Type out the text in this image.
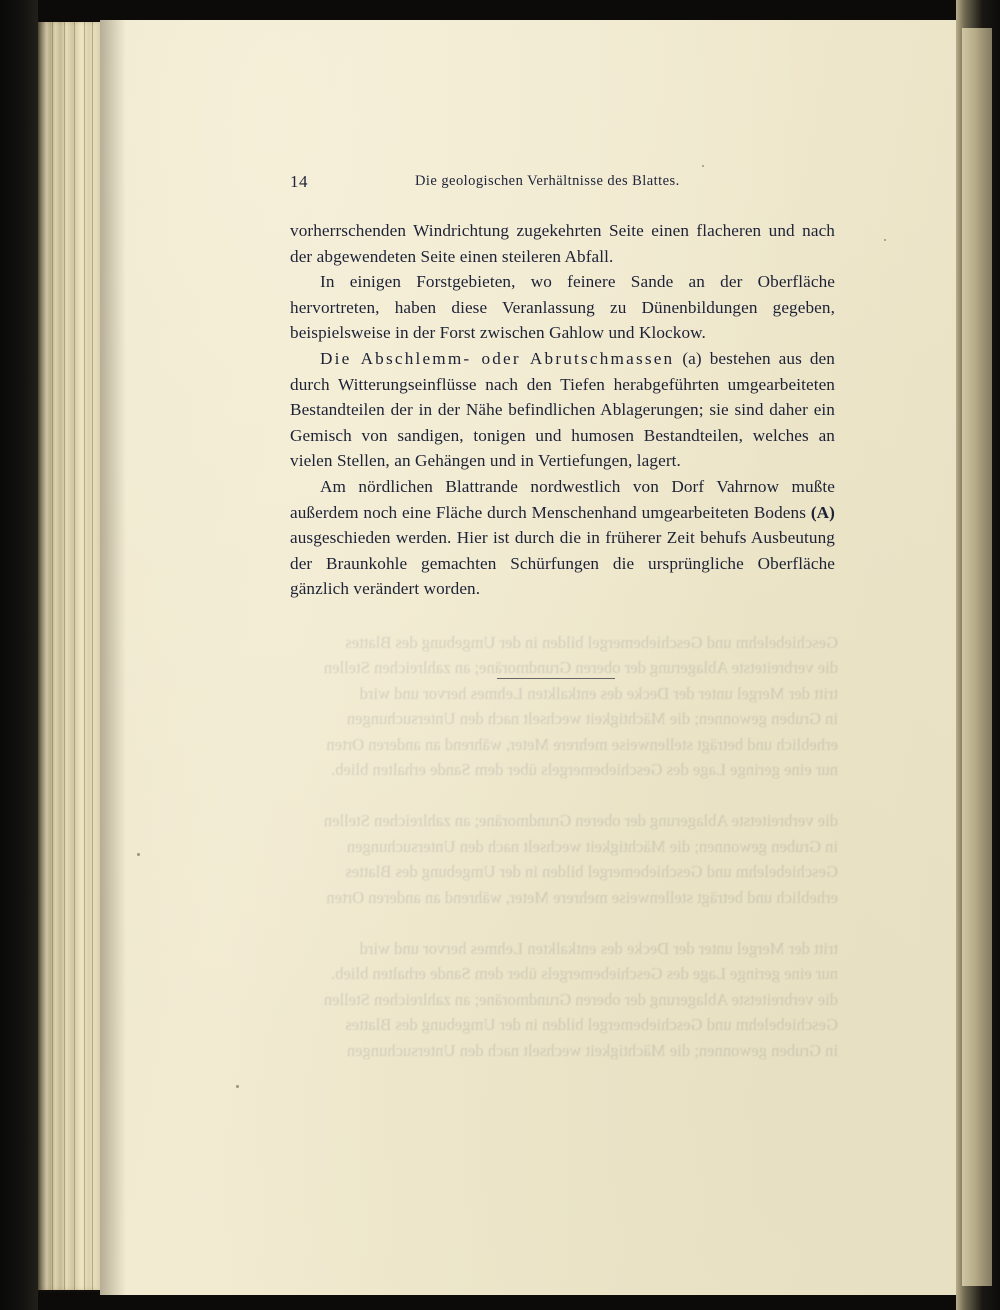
14	Die geologischen Verhältnisse des Blattes.

vorherrschenden Windrichtung zugekehrten Seite einen flacheren und nach der abgewendeten Seite einen steileren Abfall.

In einigen Forstgebieten, wo feinere Sande an der Oberfläche hervortreten, haben diese Veranlassung zu Dünenbildungen gegeben, beispielsweise in der Forst zwischen Gahlow und Klockow.

Die Abschlemm- oder Abrutschmassen (a) bestehen aus den durch Witterungseinflüsse nach den Tiefen herabgeführten umgearbeiteten Bestandteilen der in der Nähe befindlichen Ablagerungen; sie sind daher ein Gemisch von sandigen, tonigen und humosen Bestandteilen, welches an vielen Stellen, an Gehängen und in Vertiefungen, lagert.

Am nördlichen Blattrande nordwestlich von Dorf Vahrnow mußte außerdem noch eine Fläche durch Menschenhand umgearbeiteten Bodens (A) ausgeschieden werden. Hier ist durch die in früherer Zeit behufs Ausbeutung der Braunkohle gemachten Schürfungen die ursprüngliche Oberfläche gänzlich verändert worden.
